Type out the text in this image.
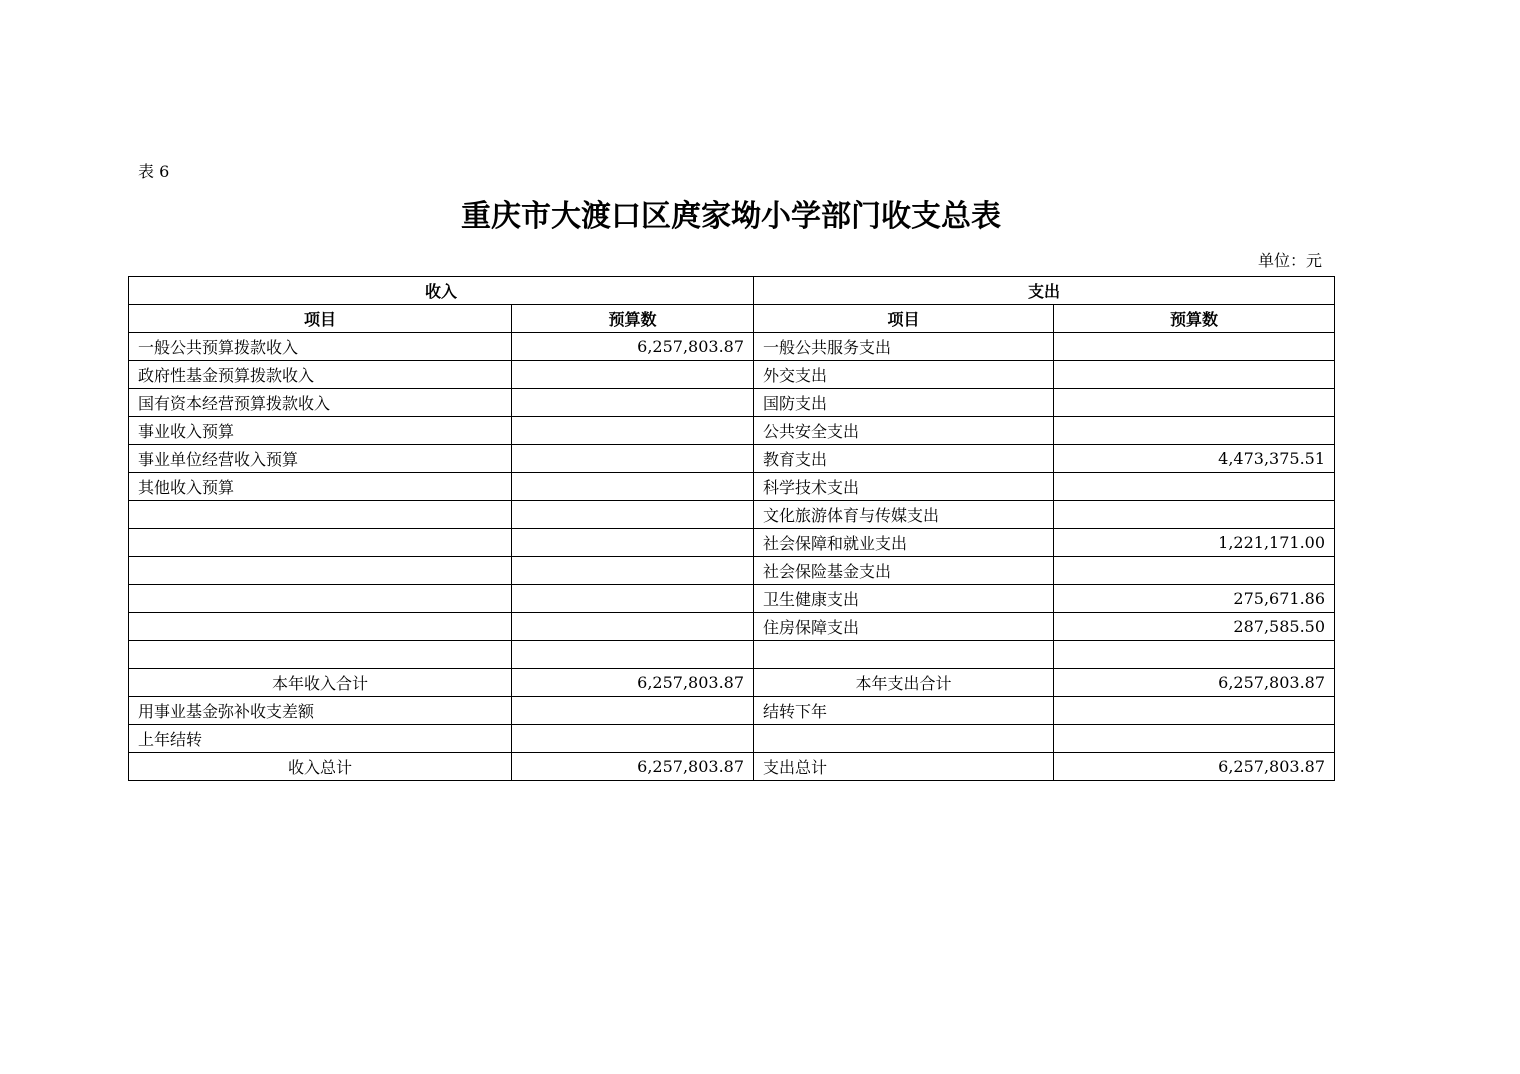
表 6
重庆市大渡口区庹家坳小学部门收支总表
单位：元
收入		支出	
项目	预算数	项目	预算数
一般公共预算拨款收入	6,257,803.87	一般公共服务支出	
政府性基金预算拨款收入		外交支出	
国有资本经营预算拨款收入		国防支出	
事业收入预算		公共安全支出	
事业单位经营收入预算		教育支出	4,473,375.51
其他收入预算		科学技术支出	
		文化旅游体育与传媒支出	
		社会保障和就业支出	1,221,171.00
		社会保险基金支出	
		卫生健康支出	275,671.86
		住房保障支出	287,585.50

本年收入合计	6,257,803.87	本年支出合计	6,257,803.87
用事业基金弥补收支差额		结转下年	
上年结转			
收入总计	6,257,803.87	支出总计	6,257,803.87
